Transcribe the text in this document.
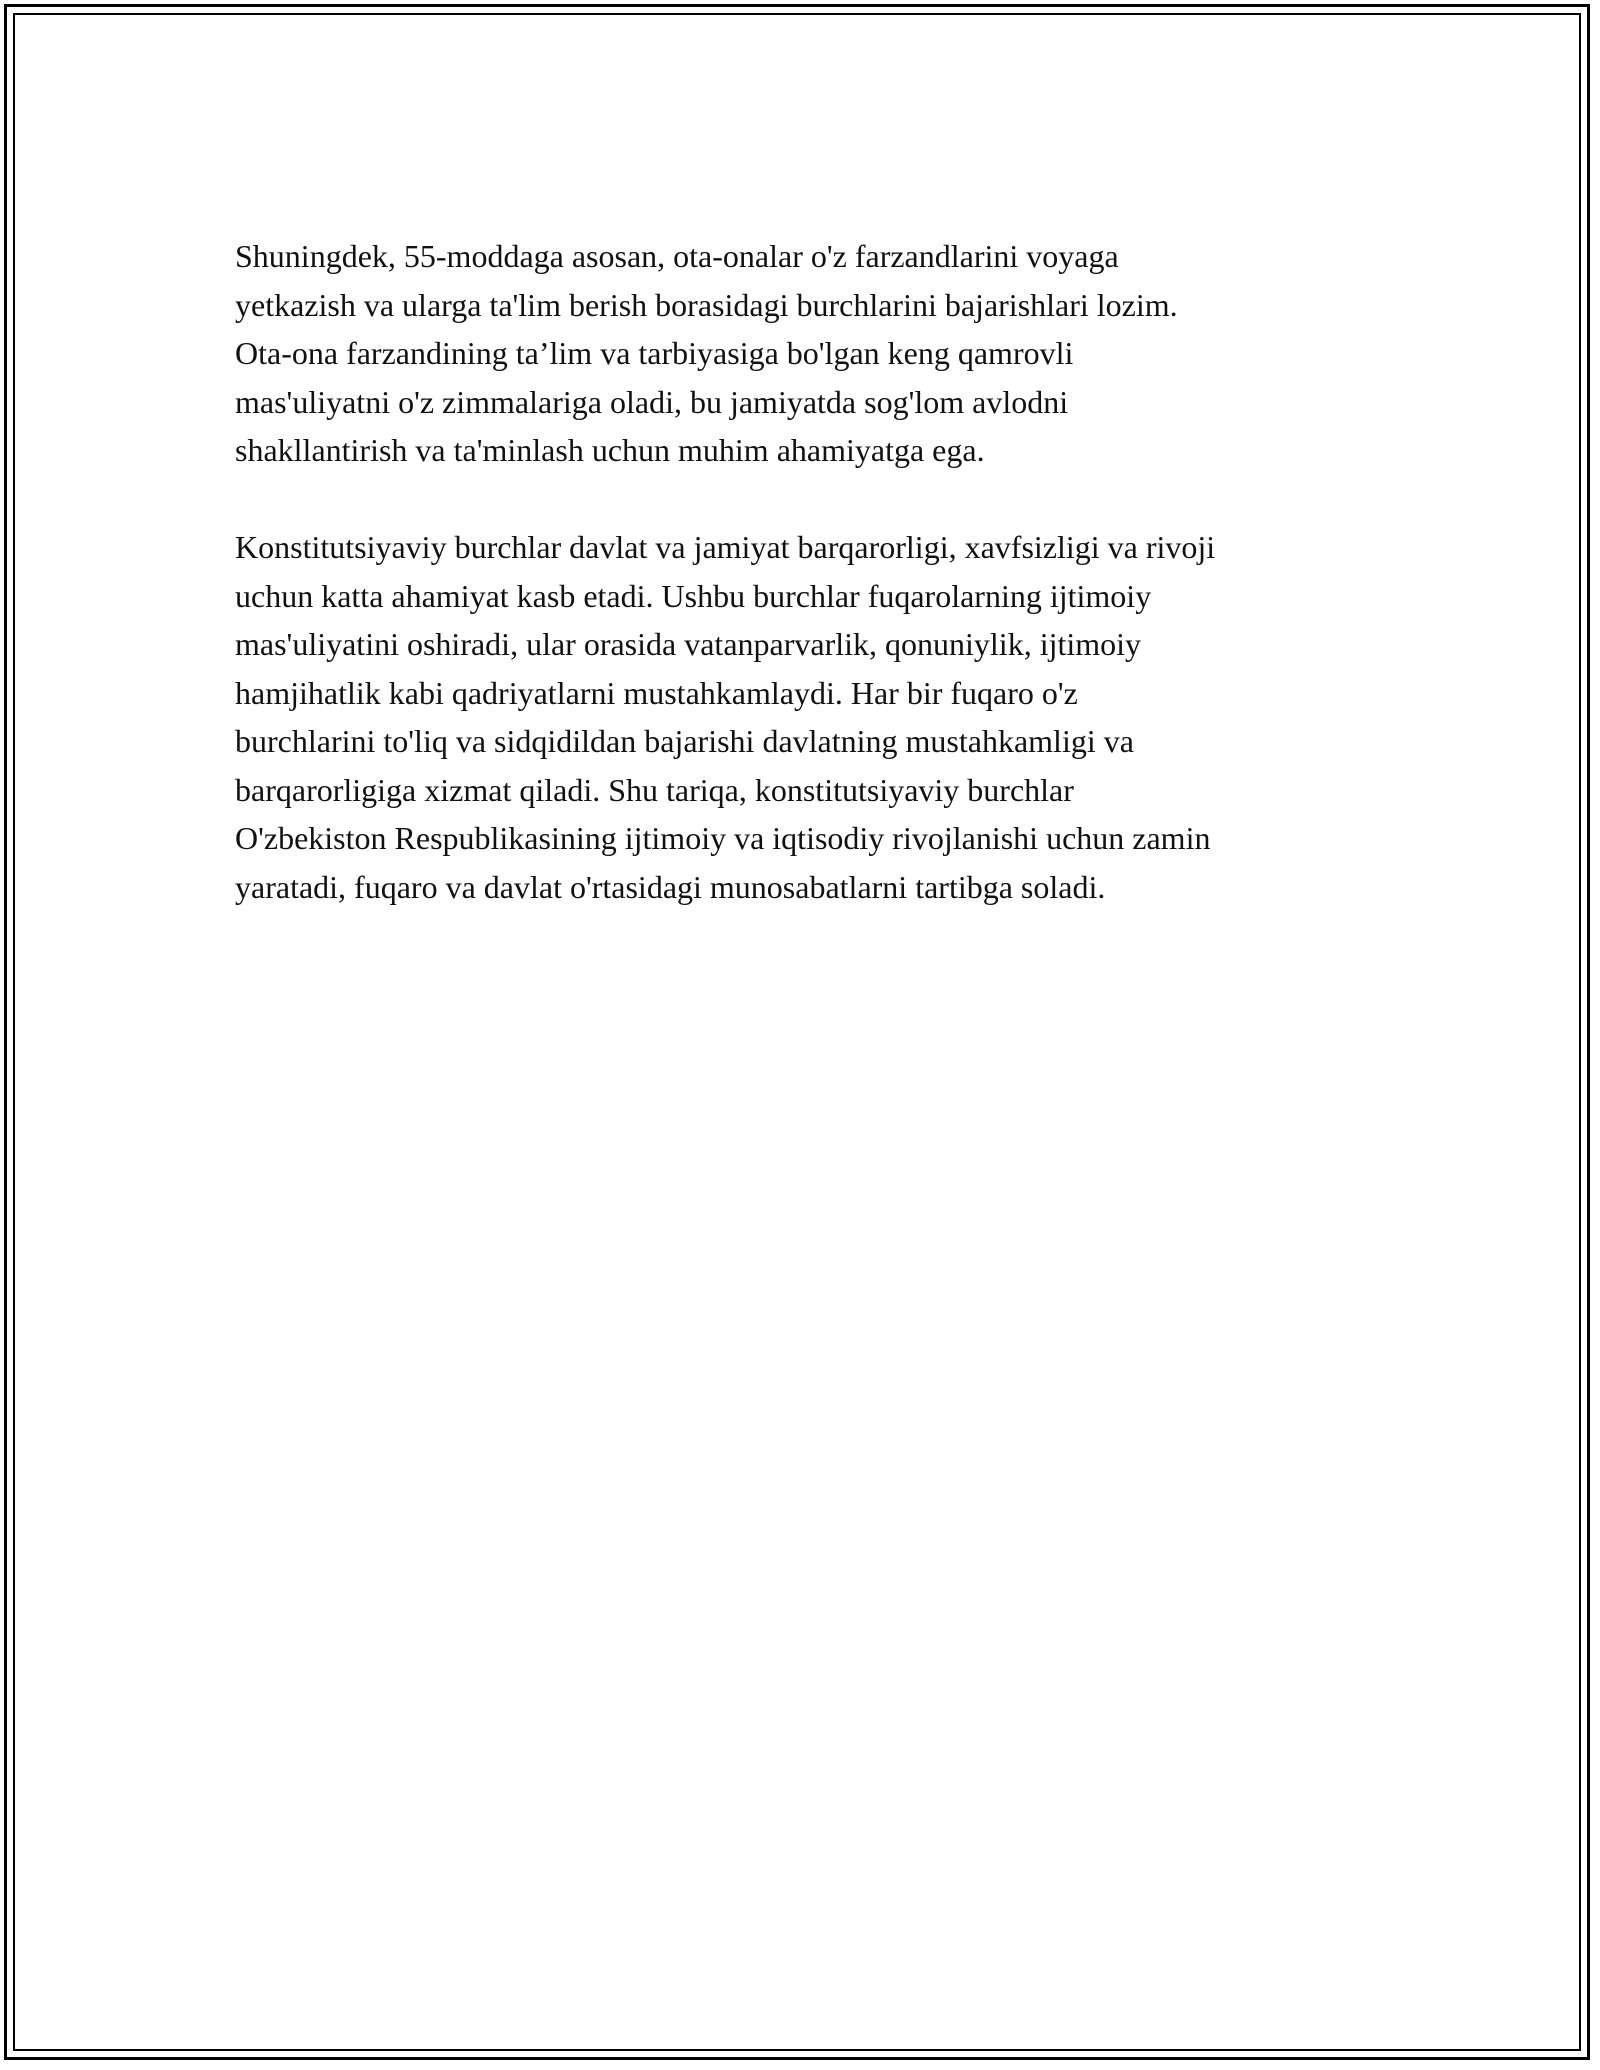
Shuningdek, 55-moddaga asosan, ota-onalar o'z farzandlarini voyaga
yetkazish va ularga ta'lim berish borasidagi burchlarini bajarishlari lozim.
Ota-ona farzandining ta’lim va tarbiyasiga bo'lgan keng qamrovli
mas'uliyatni o'z zimmalariga oladi, bu jamiyatda sog'lom avlodni
shakllantirish va ta'minlash uchun muhim ahamiyatga ega.

Konstitutsiyaviy burchlar davlat va jamiyat barqarorligi, xavfsizligi va rivoji
uchun katta ahamiyat kasb etadi. Ushbu burchlar fuqarolarning ijtimoiy
mas'uliyatini oshiradi, ular orasida vatanparvarlik, qonuniylik, ijtimoiy
hamjihatlik kabi qadriyatlarni mustahkamlaydi. Har bir fuqaro o'z
burchlarini to'liq va sidqidildan bajarishi davlatning mustahkamligi va
barqarorligiga xizmat qiladi. Shu tariqa, konstitutsiyaviy burchlar
O'zbekiston Respublikasining ijtimoiy va iqtisodiy rivojlanishi uchun zamin
yaratadi, fuqaro va davlat o'rtasidagi munosabatlarni tartibga soladi.
